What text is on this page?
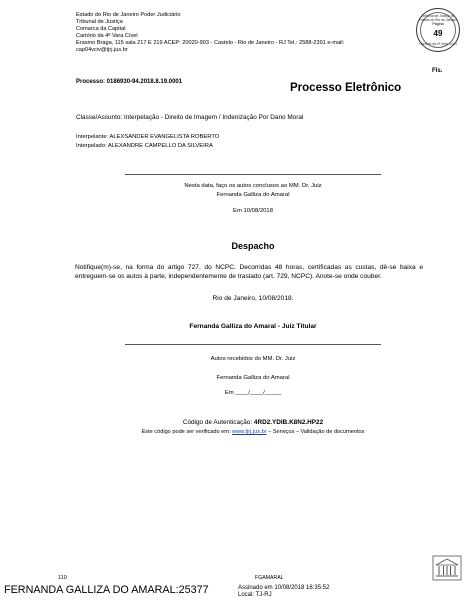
Estado do Rio de Janeiro Poder Judiciário
Tribunal de Justiça
Comarca da Capital
Cartório da 4ª Vara Cível
Erasmo Braga, 115 sala 217 E 219 ACEP: 20020-903 - Castelo - Rio de Janeiro - RJ Tel.: 2588-2391 e-mail:
cap04vciv@tjrj.jus.br
Tribunal de Justiça do Estado do Rio de Janeiro
Página
49
Cartório da 4ª Vara Cível
Fls.
Processo: 0186930-94.2018.8.19.0001	Processo Eletrônico
Classe/Assunto: Interpelação - Direito de Imagem / Indenização Por Dano Moral
Interpelante: ALEXSANDER EVANGELISTA ROBERTO
Interpelado: ALEXANDRE CAMPELLO DA SILVEIRA
Nesta data, faço os autos conclusos ao MM. Dr. Juiz
Fernanda Galliza do Amaral
Em 10/08/2018
Despacho
Notifique(m)-se, na forma do artigo 727, do NCPC. Decorridas 48 horas, certificadas as custas, dê-se baixa e entreguem-se os autos à parte, independentemente de traslado (art. 729, NCPC). Anote-se onde couber.
Rio de Janeiro, 10/08/2018.
Fernanda Galliza do Amaral - Juiz Titular
Autos recebidos do MM. Dr. Juiz
Fernanda Galliza do Amaral
Em ____/____/_____
Código de Autenticação: 4RD2.YDIB.K8N2.HP22
Este código pode ser verificado em: www.tjrj.jus.br – Serviços – Validação de documentos
110	FGAMARAL
FERNANDA GALLIZA DO AMARAL:25377	Assinado em 10/08/2018 16:35:52
Local: TJ-RJ
